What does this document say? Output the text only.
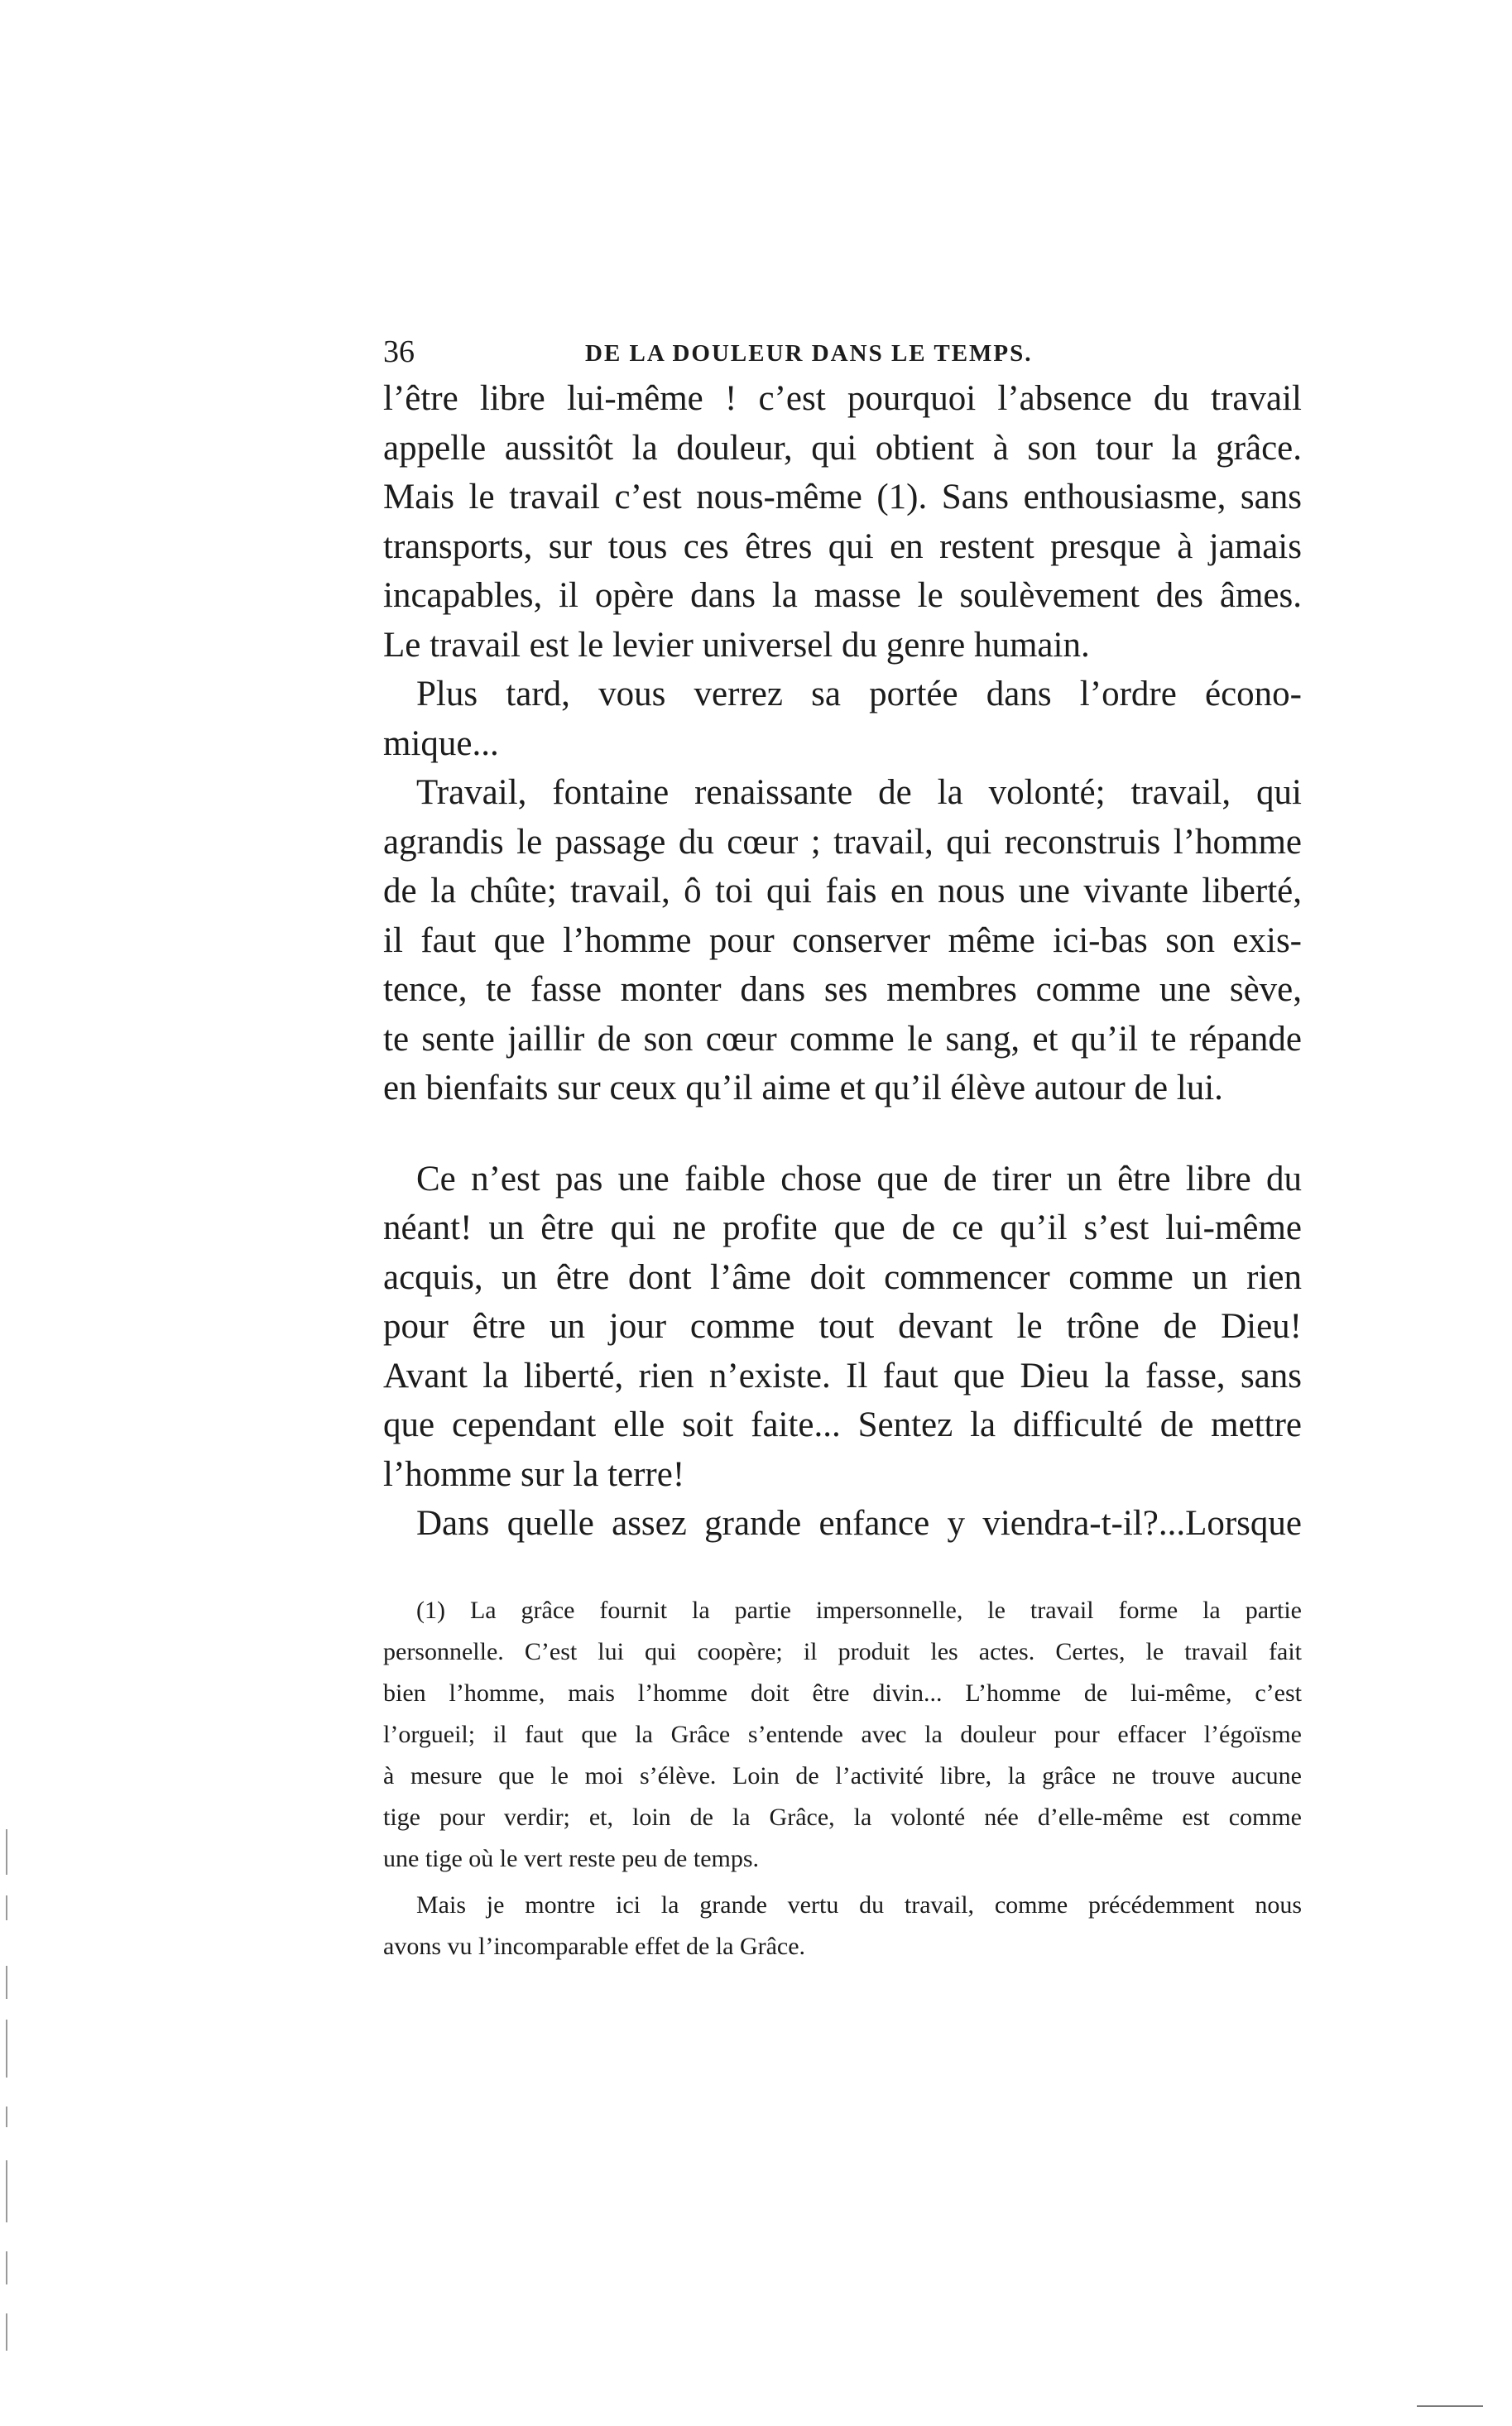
36	DE LA DOULEUR DANS LE TEMPS.
l’être libre lui-même ! c’est pourquoi l’absence du travail
appelle aussitôt la douleur, qui obtient à son tour la grâce.
Mais le travail c’est nous-même (1). Sans enthousiasme, sans
transports, sur tous ces êtres qui en restent presque à jamais
incapables, il opère dans la masse le soulèvement des âmes.
Le travail est le levier universel du genre humain.
Plus tard, vous verrez sa portée dans l’ordre écono-
mique...
Travail, fontaine renaissante de la volonté; travail, qui
agrandis le passage du cœur ; travail, qui reconstruis l’homme
de la chûte; travail, ô toi qui fais en nous une vivante liberté,
il faut que l’homme pour conserver même ici-bas son exis-
tence, te fasse monter dans ses membres comme une sève,
te sente jaillir de son cœur comme le sang, et qu’il te répande
en bienfaits sur ceux qu’il aime et qu’il élève autour de lui.
Ce n’est pas une faible chose que de tirer un être libre du
néant! un être qui ne profite que de ce qu’il s’est lui-même
acquis, un être dont l’âme doit commencer comme un rien
pour être un jour comme tout devant le trône de Dieu!
Avant la liberté, rien n’existe. Il faut que Dieu la fasse, sans
que cependant elle soit faite... Sentez la difficulté de mettre
l’homme sur la terre!
Dans quelle assez grande enfance y viendra-t-il?...Lorsque
(1) La grâce fournit la partie impersonnelle, le travail forme la partie
personnelle. C’est lui qui coopère; il produit les actes. Certes, le travail fait
bien l’homme, mais l’homme doit être divin... L’homme de lui-même, c’est
l’orgueil; il faut que la Grâce s’entende avec la douleur pour effacer l’égoïsme
à mesure que le moi s’élève. Loin de l’activité libre, la grâce ne trouve aucune
tige pour verdir; et, loin de la Grâce, la volonté née d’elle-même est comme
une tige où le vert reste peu de temps.
Mais je montre ici la grande vertu du travail, comme précédemment nous
avons vu l’incomparable effet de la Grâce.
